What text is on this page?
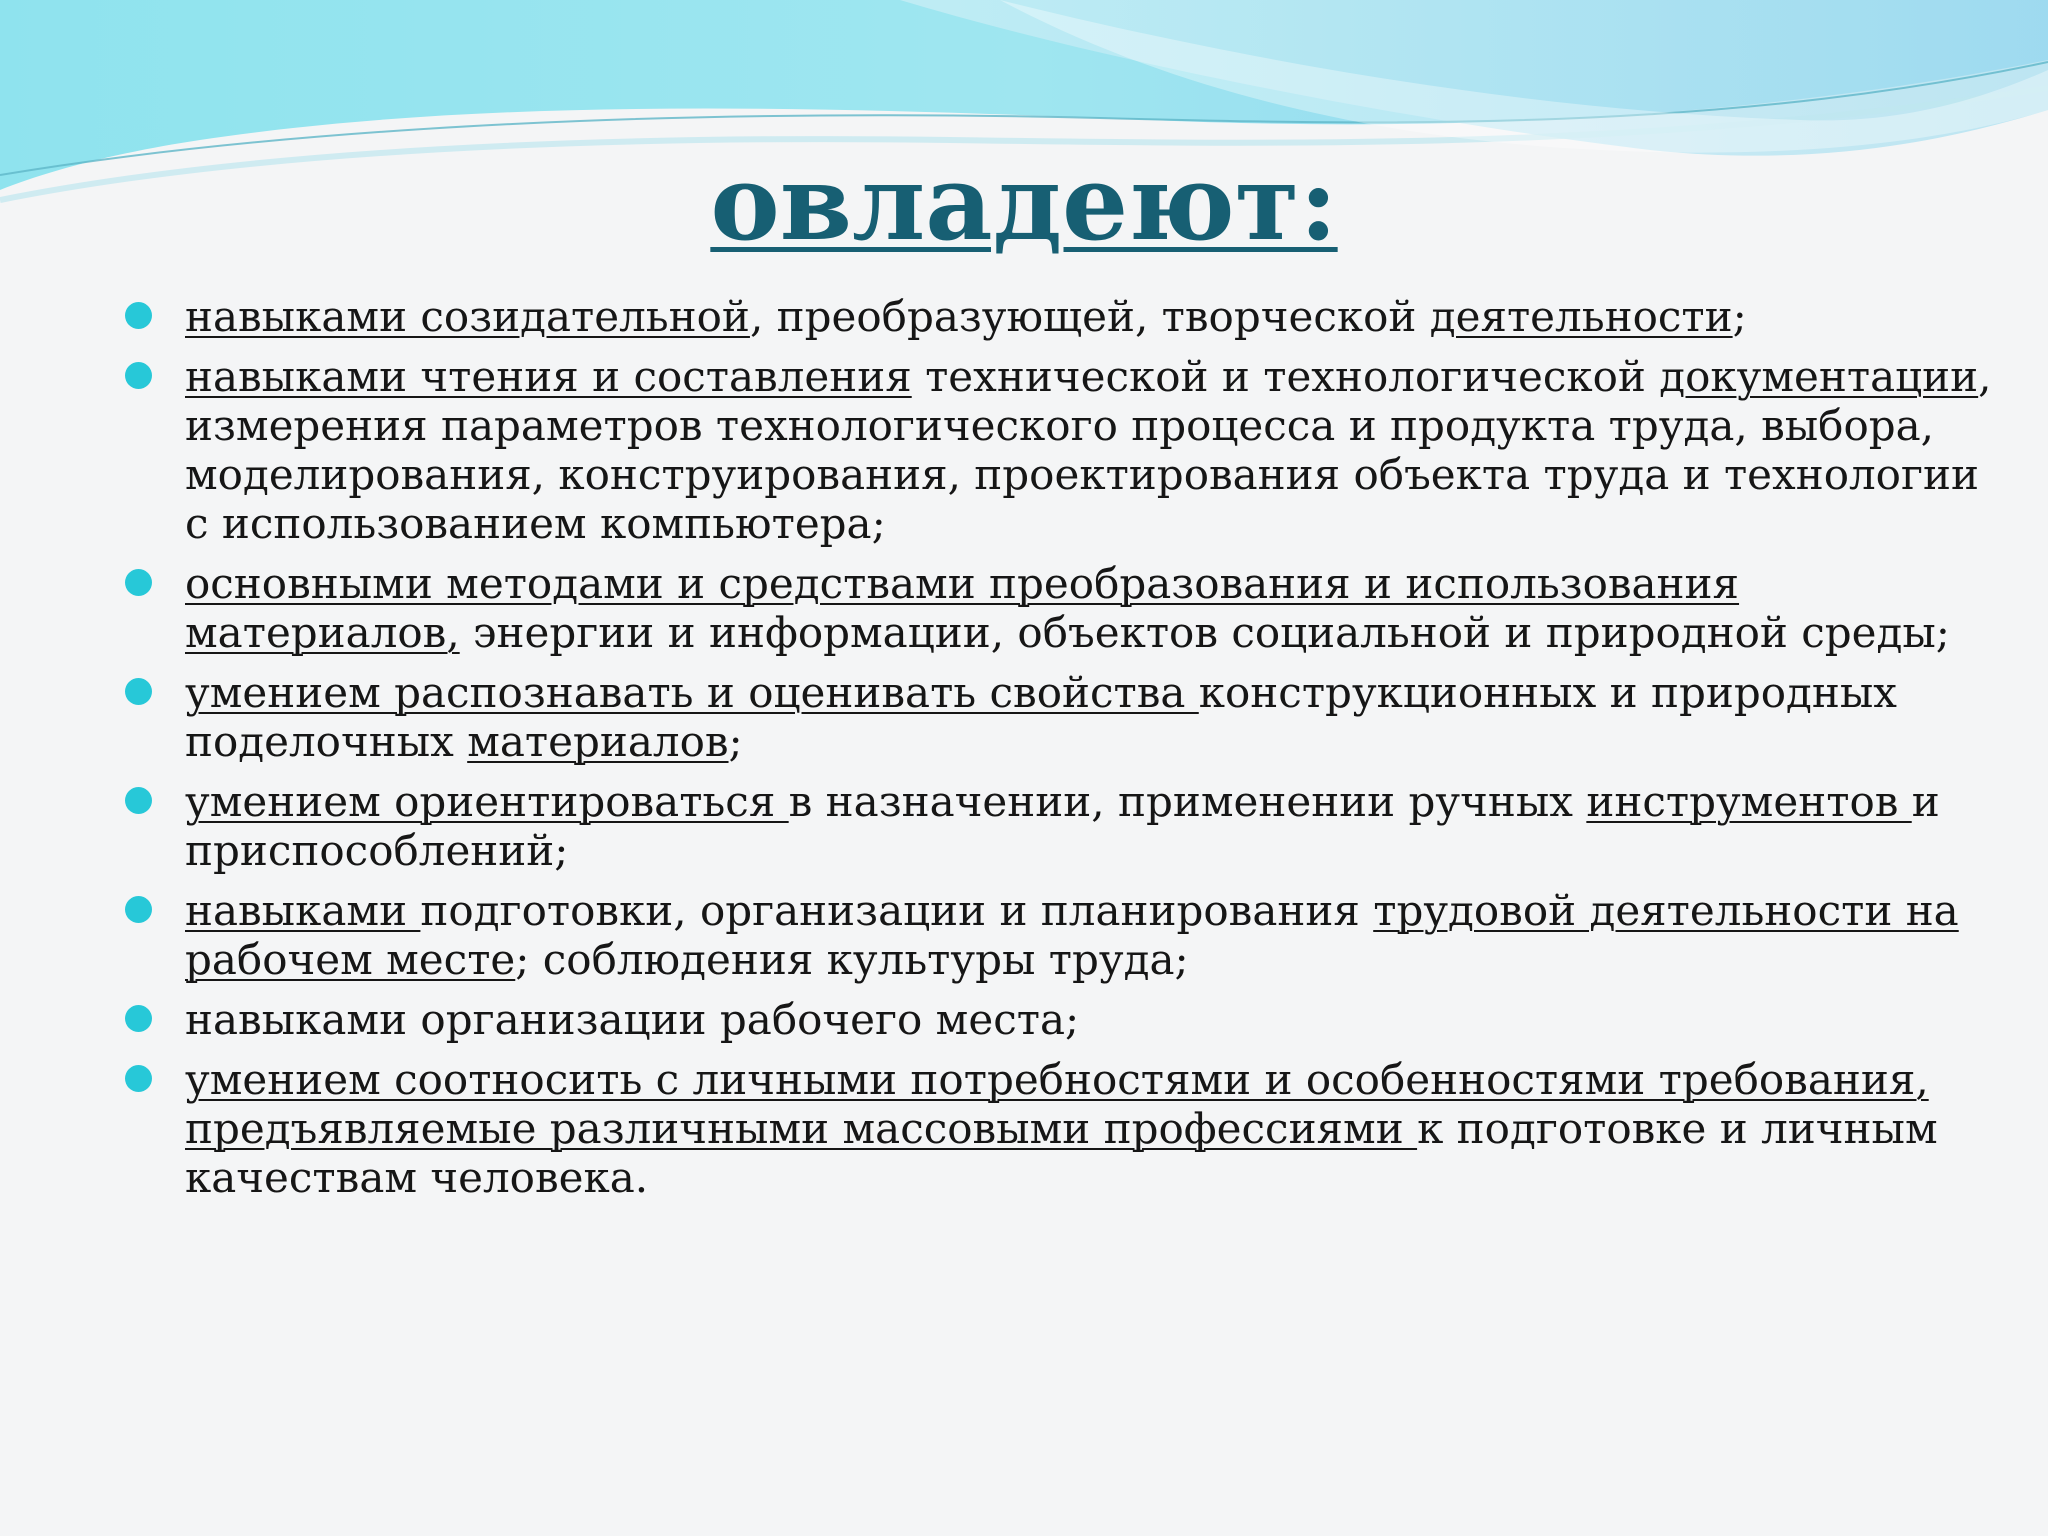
овладеют:
навыками созидательной, преобразующей, творческой деятельности;
навыками чтения и составления технической и технологической документации, измерения параметров технологического процесса и продукта труда, выбора, моделирования, конструирования, проектирования объекта труда и технологии с использованием компьютера;
основными методами и средствами преобразования и использования материалов, энергии и информации, объектов социальной и природной среды;
умением распознавать и оценивать свойства конструкционных и природных поделочных материалов;
умением ориентироваться в назначении, применении ручных инструментов и приспособлений;
навыками подготовки, организации и планирования трудовой деятельности на рабочем месте; соблюдения культуры труда;
навыками организации рабочего места;
умением соотносить с личными потребностями и особенностями требования, предъявляемые различными массовыми профессиями к подготовке и личным качествам человека.
